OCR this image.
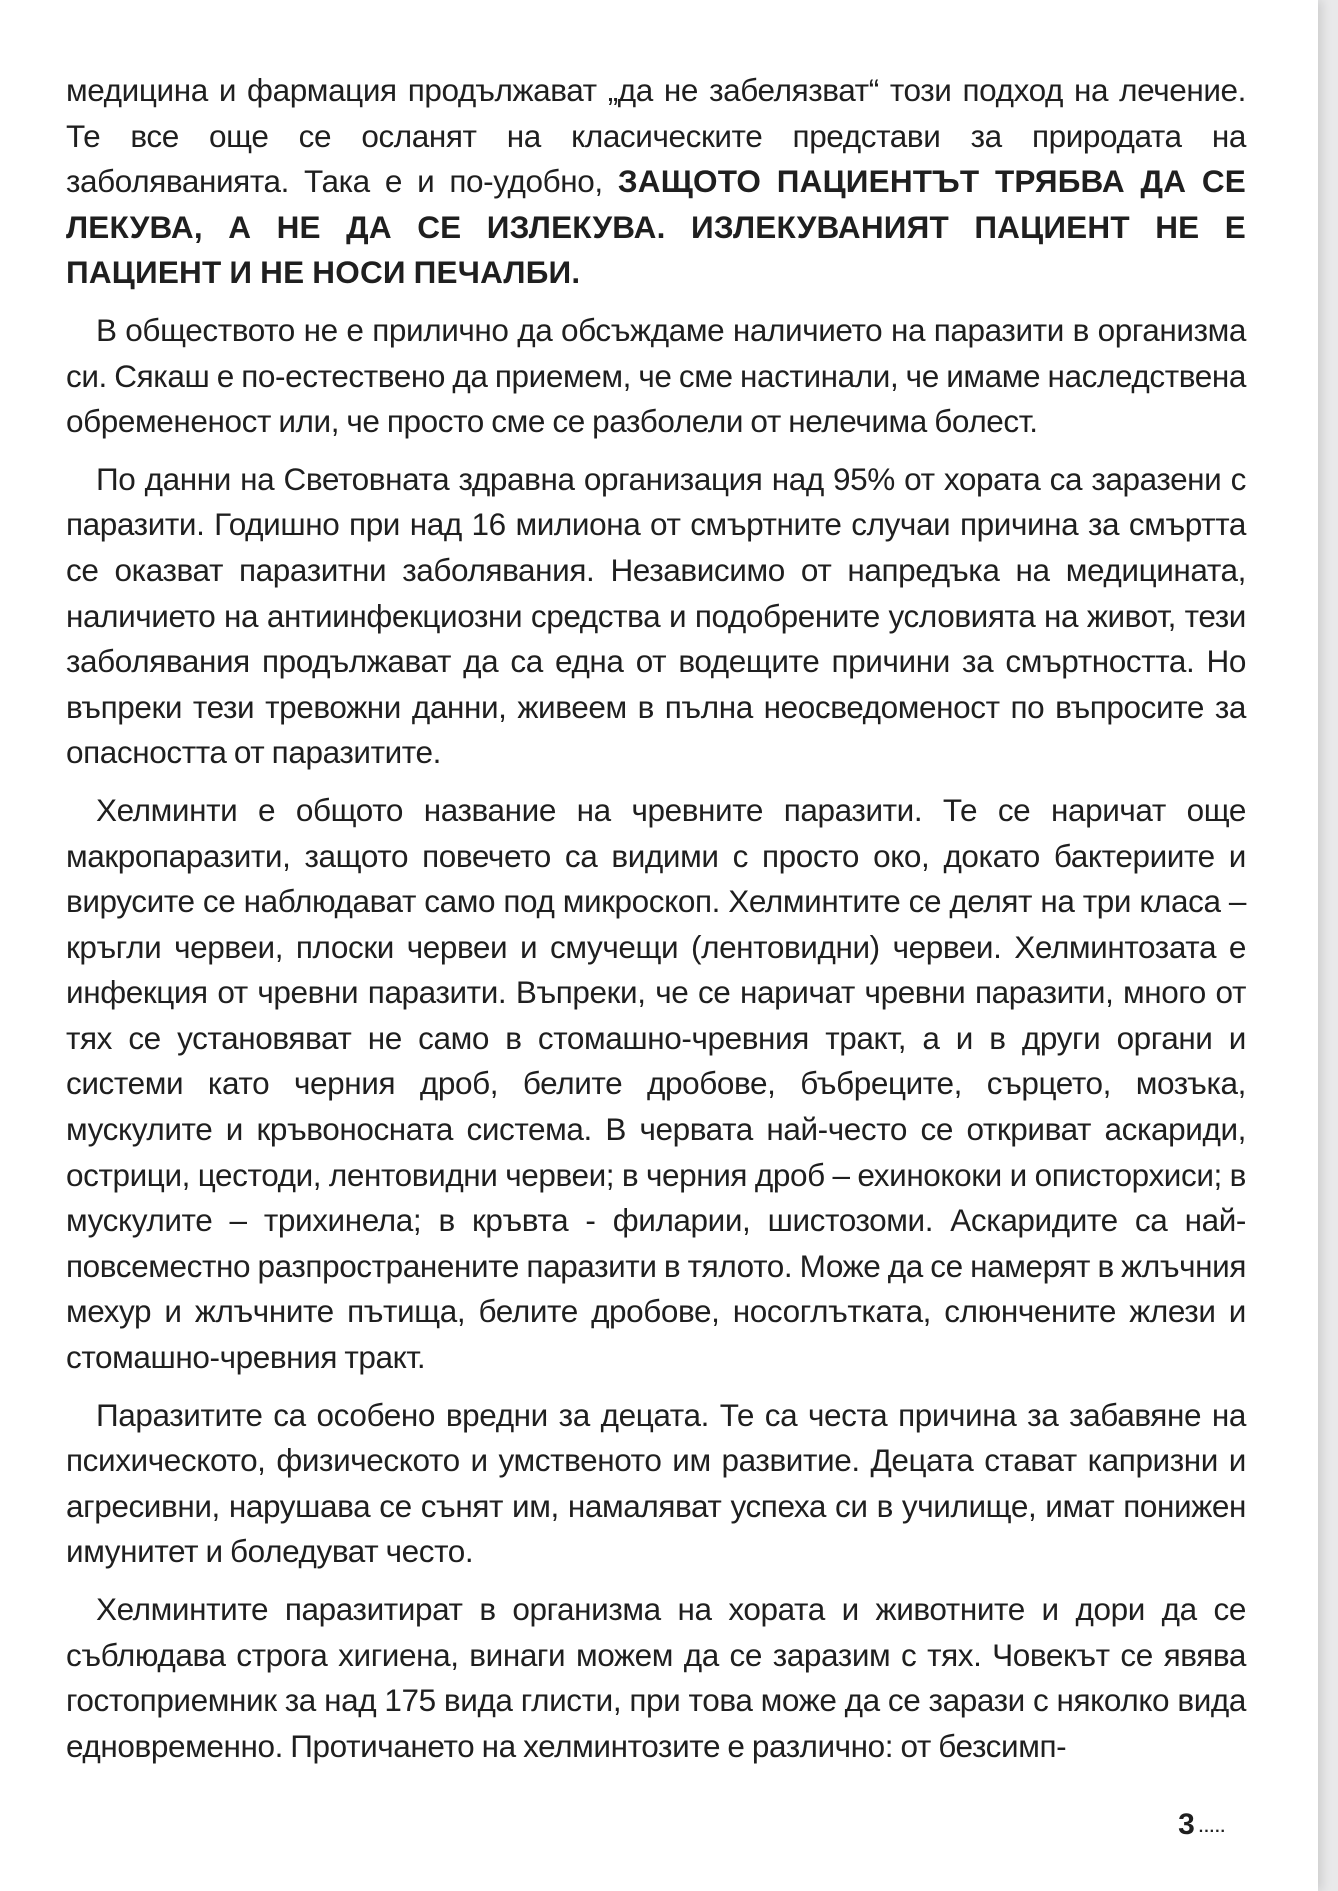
медицина и фармация продължават „да не забелязват“ този подход на лечение. Те все още се осланят на класическите представи за природата на заболяванията. Така е и по-удобно, ЗАЩОТО ПАЦИЕНТЪТ ТРЯБВА ДА СЕ ЛЕКУВА, А НЕ ДА СЕ ИЗЛЕКУВА. ИЗЛЕКУВАНИЯТ ПАЦИЕНТ НЕ Е ПАЦИЕНТ И НЕ НОСИ ПЕЧАЛБИ.

В обществото не е прилично да обсъждаме наличието на паразити в организма си. Сякаш е по-естествено да приемем, че сме настинали, че имаме наследствена обремененост или, че просто сме се разболели от нелечима болест.

По данни на Световната здравна организация над 95% от хората са заразени с паразити. Годишно при над 16 милиона от смъртните случаи причина за смъртта се оказват паразитни заболявания. Независимо от напредъка на медицината, наличието на антиинфекциозни средства и подобрените условията на живот, тези заболявания продължават да са една от водещите причини за смъртността. Но въпреки тези тревожни данни, живеем в пълна неосведоменост по въпросите за опасността от паразитите.

Хелминти е общото название на чревните паразити. Те се наричат още макропаразити, защото повечето са видими с просто око, докато бактериите и вирусите се наблюдават само под микроскоп. Хелминтите се делят на три класа – кръгли червеи, плоски червеи и смучещи (лентовидни) червеи. Хелминтозата е инфекция от чревни паразити. Въпреки, че се наричат чревни паразити, много от тях се установяват не само в стомашно-чревния тракт, а и в други органи и системи като черния дроб, белите дробове, бъбреците, сърцето, мозъка, мускулите и кръвоносната система. В червата най-често се откриват аскариди, острици, цестоди, лентовидни червеи; в черния дроб – ехинококи и описторхиси; в мускулите – трихинела; в кръвта - филарии, шистозоми. Аскаридите са най-повсеместно разпространените паразити в тялото. Може да се намерят в жлъчния мехур и жлъчните пътища, белите дробове, носоглътката, слюнчените жлези и стомашно-чревния тракт.

Паразитите са особено вредни за децата. Те са честа причина за забавяне на психическото, физическото и умственото им развитие. Децата стават капризни и агресивни, нарушава се сънят им, намаляват успеха си в училище, имат понижен имунитет и боледуват често.

Хелминтите паразитират в организма на хората и животните и дори да се съблюдава строга хигиена, винаги можем да се заразим с тях. Човекът се явява гостоприемник за над 175 вида глисти, при това може да се зарази с няколко вида едновременно. Протичането на хелминтозите е различно: от безсимп-

3 .....
